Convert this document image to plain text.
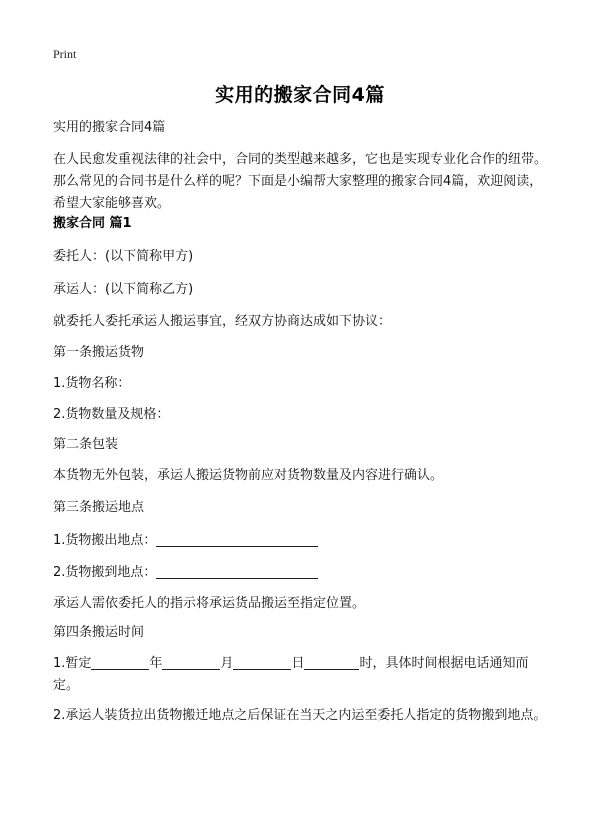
Print
实用的搬家合同4篇

实用的搬家合同4篇

在人民愈发重视法律的社会中，合同的类型越来越多，它也是实现专业化合作的纽带。那么常见的合同书是什么样的呢？下面是小编帮大家整理的搬家合同4篇，欢迎阅读，希望大家能够喜欢。

搬家合同 篇1

委托人：(以下简称甲方)

承运人：(以下简称乙方)

就委托人委托承运人搬运事宜，经双方协商达成如下协议：

第一条搬运货物

1.货物名称：

2.货物数量及规格：

第二条包装

本货物无外包装，承运人搬运货物前应对货物数量及内容进行确认。

第三条搬运地点

1.货物搬出地点：

2.货物搬到地点：

承运人需依委托人的指示将承运货品搬运至指定位置。

第四条搬运时间

1.暂定	年	月	日	时，具体时间根据电话通知而定。

2.承运人装货拉出货物搬迁地点之后保证在当天之内运至委托人指定的货物搬到地点。
